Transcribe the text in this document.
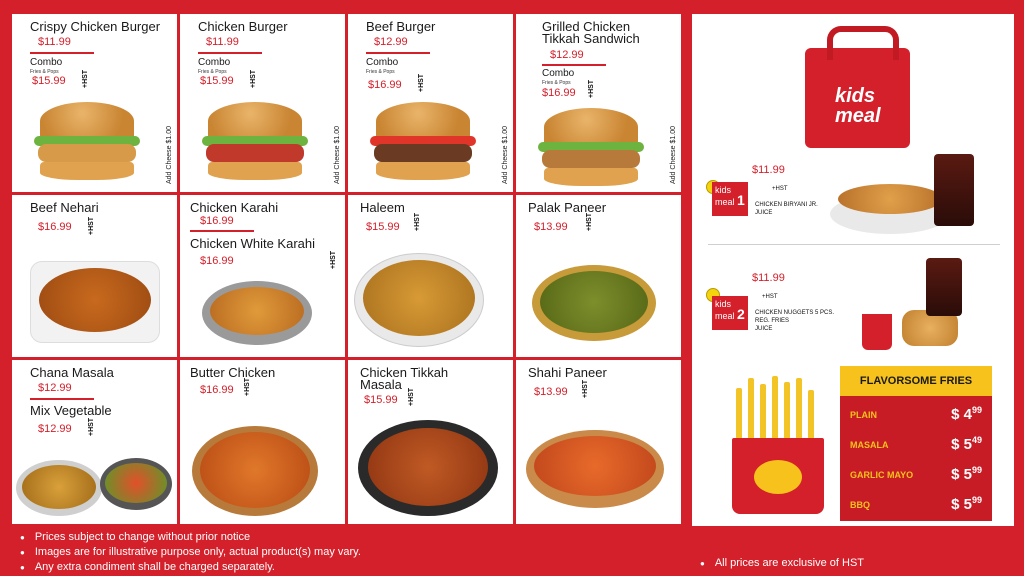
Crispy Chicken Burger
$11.99
Combo
Fries & Pops
$15.99 +HST
Add Cheese $1.00
Chicken Burger
$11.99
Combo
Fries & Pops
$15.99 +HST
Add Cheese $1.00
Beef Burger
$12.99
Combo
Fries & Pops
$16.99 +HST
Add Cheese $1.00
Grilled Chicken
Tikkah Sandwich
$12.99
Combo
Fries & Pops
$16.99 +HST
Add Cheese $1.00
Beef Nehari
$16.99 +HST
Chicken Karahi
$16.99
Chicken White Karahi
$16.99	+HST
Haleem
$15.99 +HST
Palak Paneer
$13.99	+HST
Chana Masala
$12.99
Mix Vegetable
$12.99 +HST
Butter Chicken
$16.99 +HST
Chicken Tikkah
Masala
$15.99 +HST
Shahi Paneer
$13.99 +HST
kids
meal
kids meal 1
$11.99
+HST
CHICKEN BIRYANI JR.
JUICE
kids meal 2
$11.99
+HST
CHICKEN NUGGETS 5 PCS.
REG. FRIES
JUICE
FLAVORSOME FRIES
PLAIN	$ $4^{99}$
MASALA	$ $5^{49}$
GARLIC MAYO	$ $5^{99}$
BBQ	$ $5^{99}$
● Prices subject to change without prior notice
● Images are for illustrative purpose only, actual product(s) may vary.
● Any extra condiment shall be charged separately.
●	All prices are exclusive of HST
